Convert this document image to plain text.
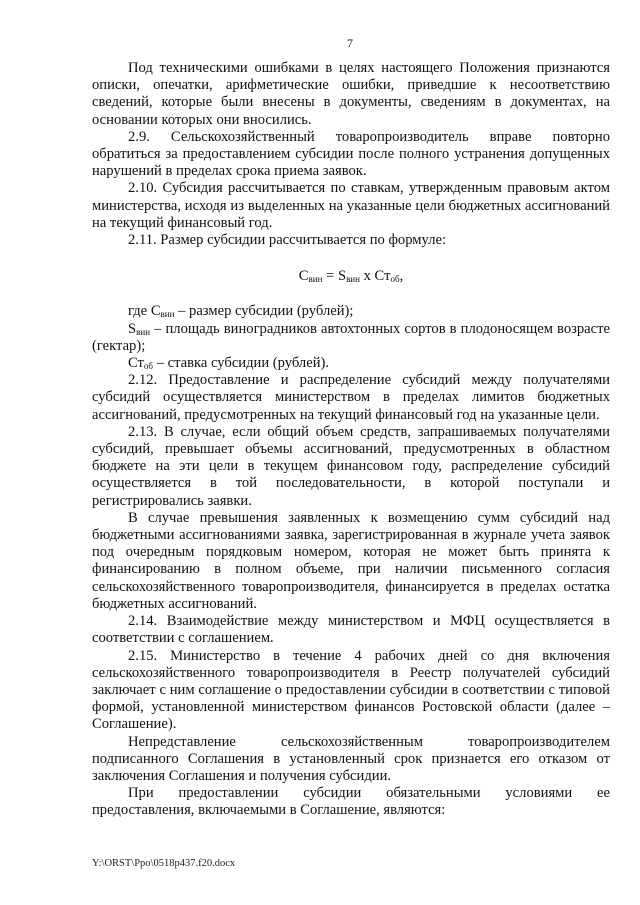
7

Под техническими ошибками в целях настоящего Положения признаются описки, опечатки, арифметические ошибки, приведшие к несоответствию сведений, которые были внесены в документы, сведениям в документах, на основании которых они вносились.

2.9. Сельскохозяйственный товаропроизводитель вправе повторно обратиться за предоставлением субсидии после полного устранения допущенных нарушений в пределах срока приема заявок.

2.10. Субсидия рассчитывается по ставкам, утвержденным правовым актом министерства, исходя из выделенных на указанные цели бюджетных ассигнований на текущий финансовый год.

2.11. Размер субсидии рассчитывается по формуле:

$С_{вин} = S_{вин}$ х $Ст_{об}$,

где $С_{вин}$ – размер субсидии (рублей);

$S_{вин}$ – площадь виноградников автохтонных сортов в плодоносящем возрасте (гектар);

$Ст_{об}$ – ставка субсидии (рублей).

2.12. Предоставление и распределение субсидий между получателями субсидий осуществляется министерством в пределах лимитов бюджетных ассигнований, предусмотренных на текущий финансовый год на указанные цели.

2.13. В случае, если общий объем средств, запрашиваемых получателями субсидий, превышает объемы ассигнований, предусмотренных в областном бюджете на эти цели в текущем финансовом году, распределение субсидий осуществляется в той последовательности, в которой поступали и регистрировались заявки.

В случае превышения заявленных к возмещению сумм субсидий над бюджетными ассигнованиями заявка, зарегистрированная в журнале учета заявок под очередным порядковым номером, которая не может быть принята к финансированию в полном объеме, при наличии письменного согласия сельскохозяйственного товаропроизводителя, финансируется в пределах остатка бюджетных ассигнований.

2.14. Взаимодействие между министерством и МФЦ осуществляется в соответствии с соглашением.

2.15. Министерство в течение 4 рабочих дней со дня включения сельскохозяйственного товаропроизводителя в Реестр получателей субсидий заключает с ним соглашение о предоставлении субсидии в соответствии с типовой формой, установленной министерством финансов Ростовской области (далее – Соглашение).

Непредставление сельскохозяйственным товаропроизводителем подписанного Соглашения в установленный срок признается его отказом от заключения Соглашения и получения субсидии.

При предоставлении субсидии обязательными условиями ее предоставления, включаемыми в Соглашение, являются:

Y:\ORST\Ppo\0518p437.f20.docx
